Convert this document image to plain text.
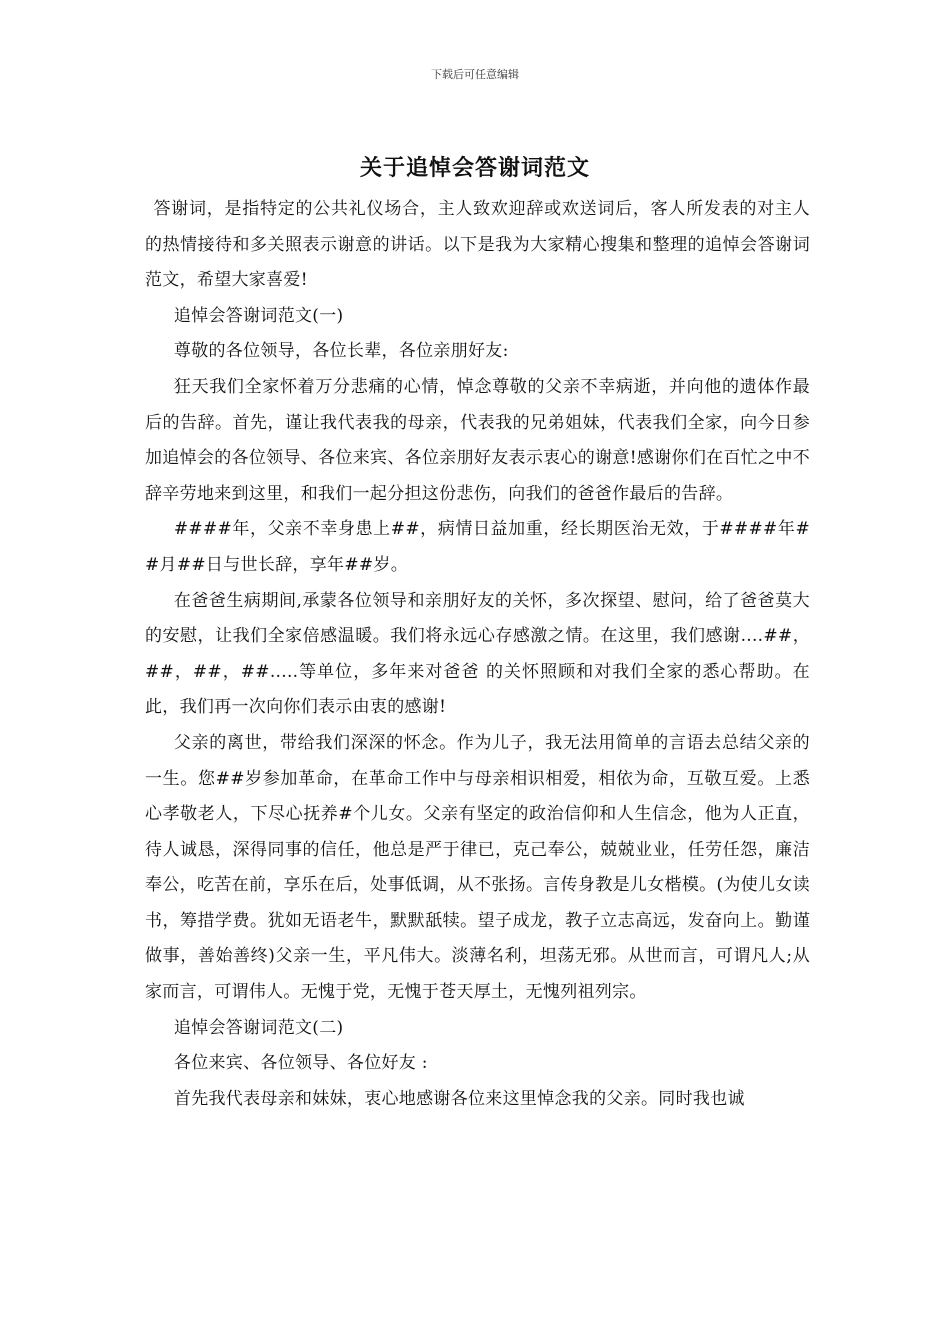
下载后可任意编辑
关于追悼会答谢词范文

答谢词，是指特定的公共礼仪场合，主人致欢迎辞或欢送词后，客人所发表的对主人的热情接待和多关照表示谢意的讲话。以下是我为大家精心搜集和整理的追悼会答谢词范文，希望大家喜爱!

追悼会答谢词范文(一)

尊敬的各位领导，各位长辈，各位亲朋好友:

狂天我们全家怀着万分悲痛的心情，悼念尊敬的父亲不幸病逝，并向他的遗体作最后的告辞。首先，谨让我代表我的母亲，代表我的兄弟姐妹，代表我们全家，向今日参加追悼会的各位领导、各位来宾、各位亲朋好友表示衷心的谢意!感谢你们在百忙之中不辞辛劳地来到这里，和我们一起分担这份悲伤，向我们的爸爸作最后的告辞。

####年，父亲不幸身患上##，病情日益加重，经长期医治无效，于####年##月##日与世长辞，享年##岁。

在爸爸生病期间,承蒙各位领导和亲朋好友的关怀，多次探望、慰问，给了爸爸莫大的安慰，让我们全家倍感温暖。我们将永远心存感激之情。在这里，我们感谢....##，##，##，##.....等单位，多年来对爸爸 的关怀照顾和对我们全家的悉心帮助。在此，我们再一次向你们表示由衷的感谢!

父亲的离世，带给我们深深的怀念。作为儿子，我无法用简单的言语去总结父亲的一生。您##岁参加革命，在革命工作中与母亲相识相爱，相依为命，互敬互爱。上悉心孝敬老人，下尽心抚养#个儿女。父亲有坚定的政治信仰和人生信念，他为人正直，待人诚恳，深得同事的信任，他总是严于律已，克己奉公，兢兢业业，任劳任怨，廉洁奉公，吃苦在前，享乐在后，处事低调，从不张扬。言传身教是儿女楷模。(为使儿女读书，筹措学费。犹如无语老牛，默默舐犊。望子成龙，教子立志高远，发奋向上。勤谨做事，善始善终)父亲一生，平凡伟大。淡薄名利，坦荡无邪。从世而言，可谓凡人;从家而言，可谓伟人。无愧于党，无愧于苍天厚土，无愧列祖列宗。

追悼会答谢词范文(二)

各位来宾、各位领导、各位好友 :

首先我代表母亲和妹妹，衷心地感谢各位来这里悼念我的父亲。同时我也诚
